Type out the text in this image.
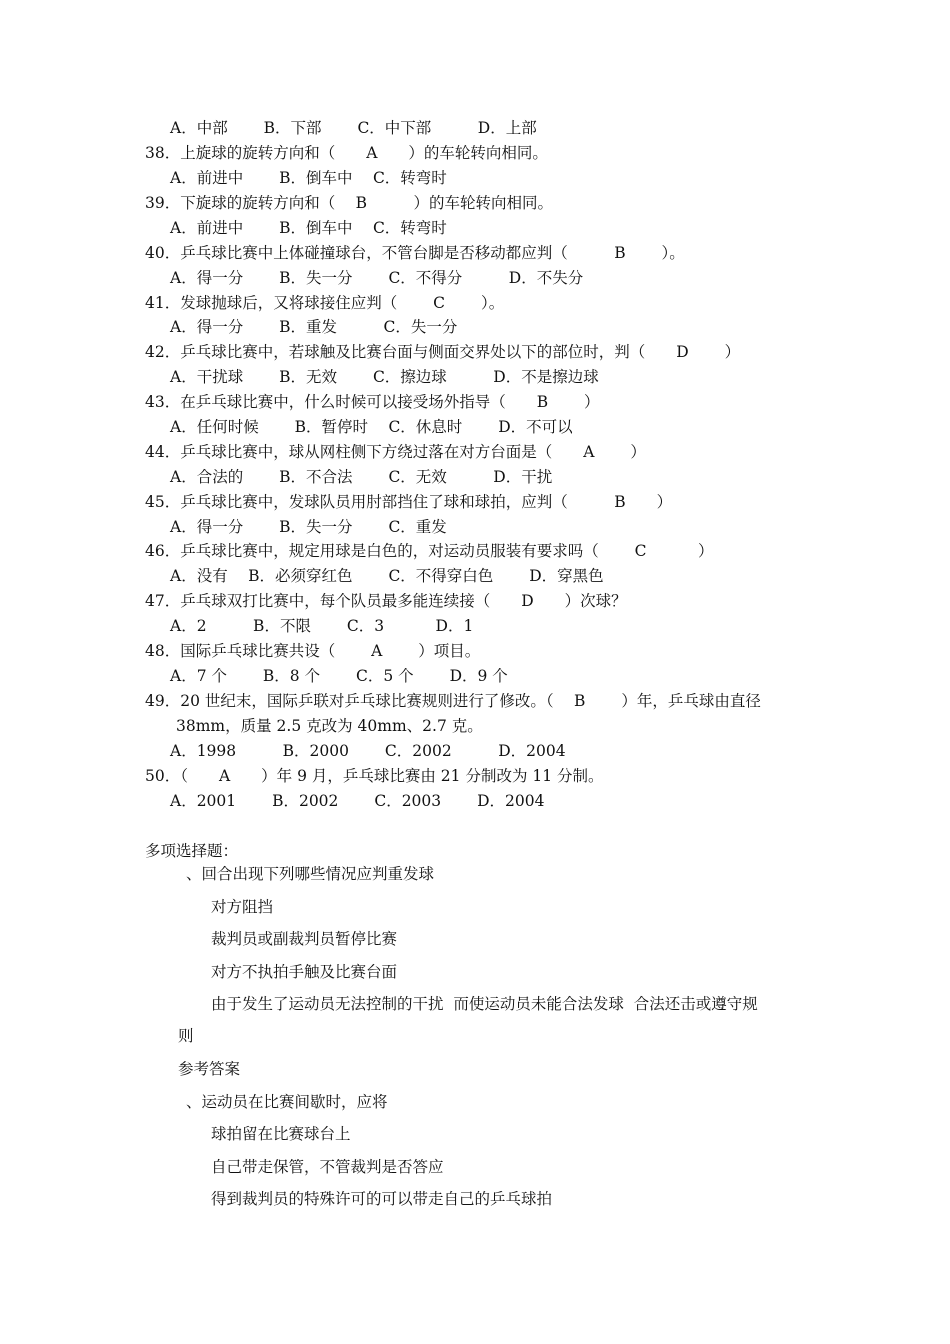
A．中部　　 B．下部　　 C．中下部　　　D．上部
38．上旋球的旋转方向和（　　A　　）的车轮转向相同。
A．前进中　　 B．倒车中　 C．转弯时
39．下旋球的旋转方向和（　 B　　　）的车轮转向相同。
A．前进中　　 B．倒车中　 C．转弯时
40．乒乓球比赛中上体碰撞球台，不管台脚是否移动都应判（　　　B　　 ）。
A．得一分　　 B．失一分　　 C．不得分　　　D．不失分
41．发球抛球后，又将球接住应判（　　 C　　 ）。
A．得一分　　 B．重发　　　C．失一分
42．乒乓球比赛中，若球触及比赛台面与侧面交界处以下的部位时，判（　　D　　 ）
A．干扰球　　 B．无效　　 C．擦边球　　　D．不是擦边球
43．在乒乓球比赛中，什么时候可以接受场外指导（　　B　　 ）
A．任何时候　　 B．暂停时　 C．休息时　　 D．不可以
44．乒乓球比赛中，球从网柱侧下方绕过落在对方台面是（　　A　　 ）
A．合法的　　 B．不合法　　 C．无效　　　D．干扰
45．乒乓球比赛中，发球队员用肘部挡住了球和球拍，应判（　　　B　　）
A．得一分　　 B．失一分　　 C．重发
46．乒乓球比赛中，规定用球是白色的，对运动员服装有要求吗（　　 C　　　 ）
A．没有　 B．必须穿红色　　 C．不得穿白色　　 D．穿黑色
47．乒乓球双打比赛中，每个队员最多能连续接（　　D　　）次球？
A．2　　　B．不限　　 C．3　　　 D．1
48．国际乒乓球比赛共设（　　 A　　 ）项目。
A．7 个　　 B．8 个　　 C．5 个　　 D．9 个
49．20 世纪末，国际乒联对乒乓球比赛规则进行了修改。（　 B　　 ）年，乒乓球由直径
38mm，质量 2.5 克改为 40mm、2.7 克。
A．1998　　　B．2000　　 C．2002　　　D．2004
50．（　　A　　）年 9 月，乒乓球比赛由 21 分制改为 11 分制。
A．2001　　 B．2002　　 C．2003　　 D．2004
多项选择题：
、回合出现下列哪些情况应判重发球
对方阻挡
裁判员或副裁判员暂停比赛
对方不执拍手触及比赛台面
由于发生了运动员无法控制的干扰  而使运动员未能合法发球  合法还击或遵守规
则
参考答案
、运动员在比赛间歇时，应将
球拍留在比赛球台上
自己带走保管，不管裁判是否答应
得到裁判员的特殊许可的可以带走自己的乒乓球拍
